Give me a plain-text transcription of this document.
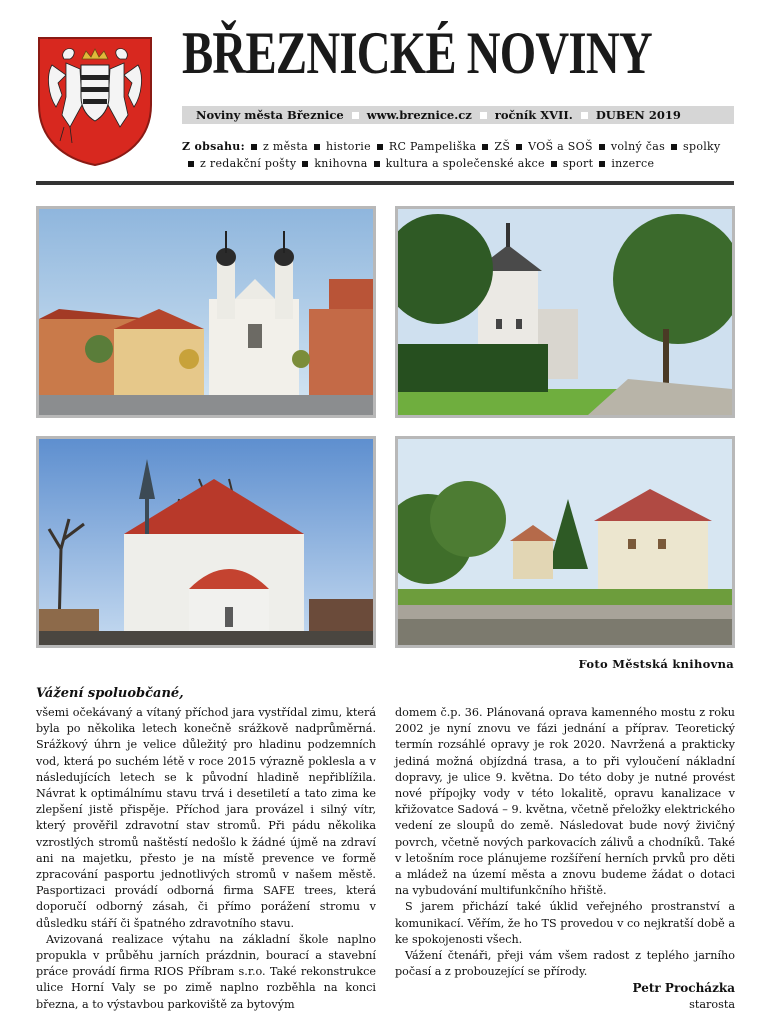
BŘEZNICKÉ NOVINY
Noviny města Březnice www.breznice.cz ročník XVII. DUBEN 2019
Z obsahu: z města historie RC Pampeliška ZŠ VOŠ a SOŠ volný čas spolky
z redakční pošty knihovna kultura a společenské akce sport inzerce
Foto Městská knihovna
Vážení spoluobčané,

všemi očekávaný a vítaný příchod jara vystřídal zimu, která byla po několika letech konečně srážkově nadprůměrná. Srážkový úhrn je velice důležitý pro hladinu podzemních vod, která po suchém létě v roce 2015 výrazně poklesla a v následujících letech se k původní hladině nepřiblížila. Návrat k optimálnímu stavu trvá i desetiletí a tato zima ke zlepšení jistě přispěje. Příchod jara provázel i silný vítr, který prověřil zdravotní stav stromů. Při pádu několika vzrostlých stromů naštěstí nedošlo k žádné újmě na zdraví ani na majetku, přesto je na místě prevence ve formě zpracování pasportu jednotlivých stromů v našem městě. Pasportizaci provádí odborná firma SAFE trees, která doporučí odborný zásah, či přímo porážení stromu v důsledku stáří či špatného zdravotního stavu.

Avizovaná realizace výtahu na základní škole naplno propukla v průběhu jarních prázdnin, bourací a stavební práce provádí firma RIOS Příbram s.r.o. Také rekonstrukce ulice Horní Valy se po zimě naplno rozběhla na konci března, a to výstavbou parkoviště za bytovým

domem č.p. 36. Plánovaná oprava kamenného mostu z roku 2002 je nyní znovu ve fázi jednání a příprav. Teoretický termín rozsáhlé opravy je rok 2020. Navržená a prakticky jediná možná objízdná trasa, a to při vyloučení nákladní dopravy, je ulice 9. května. Do této doby je nutné provést nové přípojky vody v této lokalitě, opravu kanalizace v křižovatce Sadová – 9. května, včetně přeložky elektrického vedení ze sloupů do země. Následovat bude nový živičný povrch, včetně nových parkovacích zálivů a chodníků. Také v letošním roce plánujeme rozšíření herních prvků pro děti a mládež na území města a znovu budeme žádat o dotaci na vybudování multifunkčního hřiště.

S jarem přichází také úklid veřejného prostranství a komunikací. Věřím, že ho TS provedou v co nejkratší době a ke spokojenosti všech.

Vážení čtenáři, přeji vám všem radost z teplého jarního počasí a z probouzející se přírody.

Petr Procházka

starosta
